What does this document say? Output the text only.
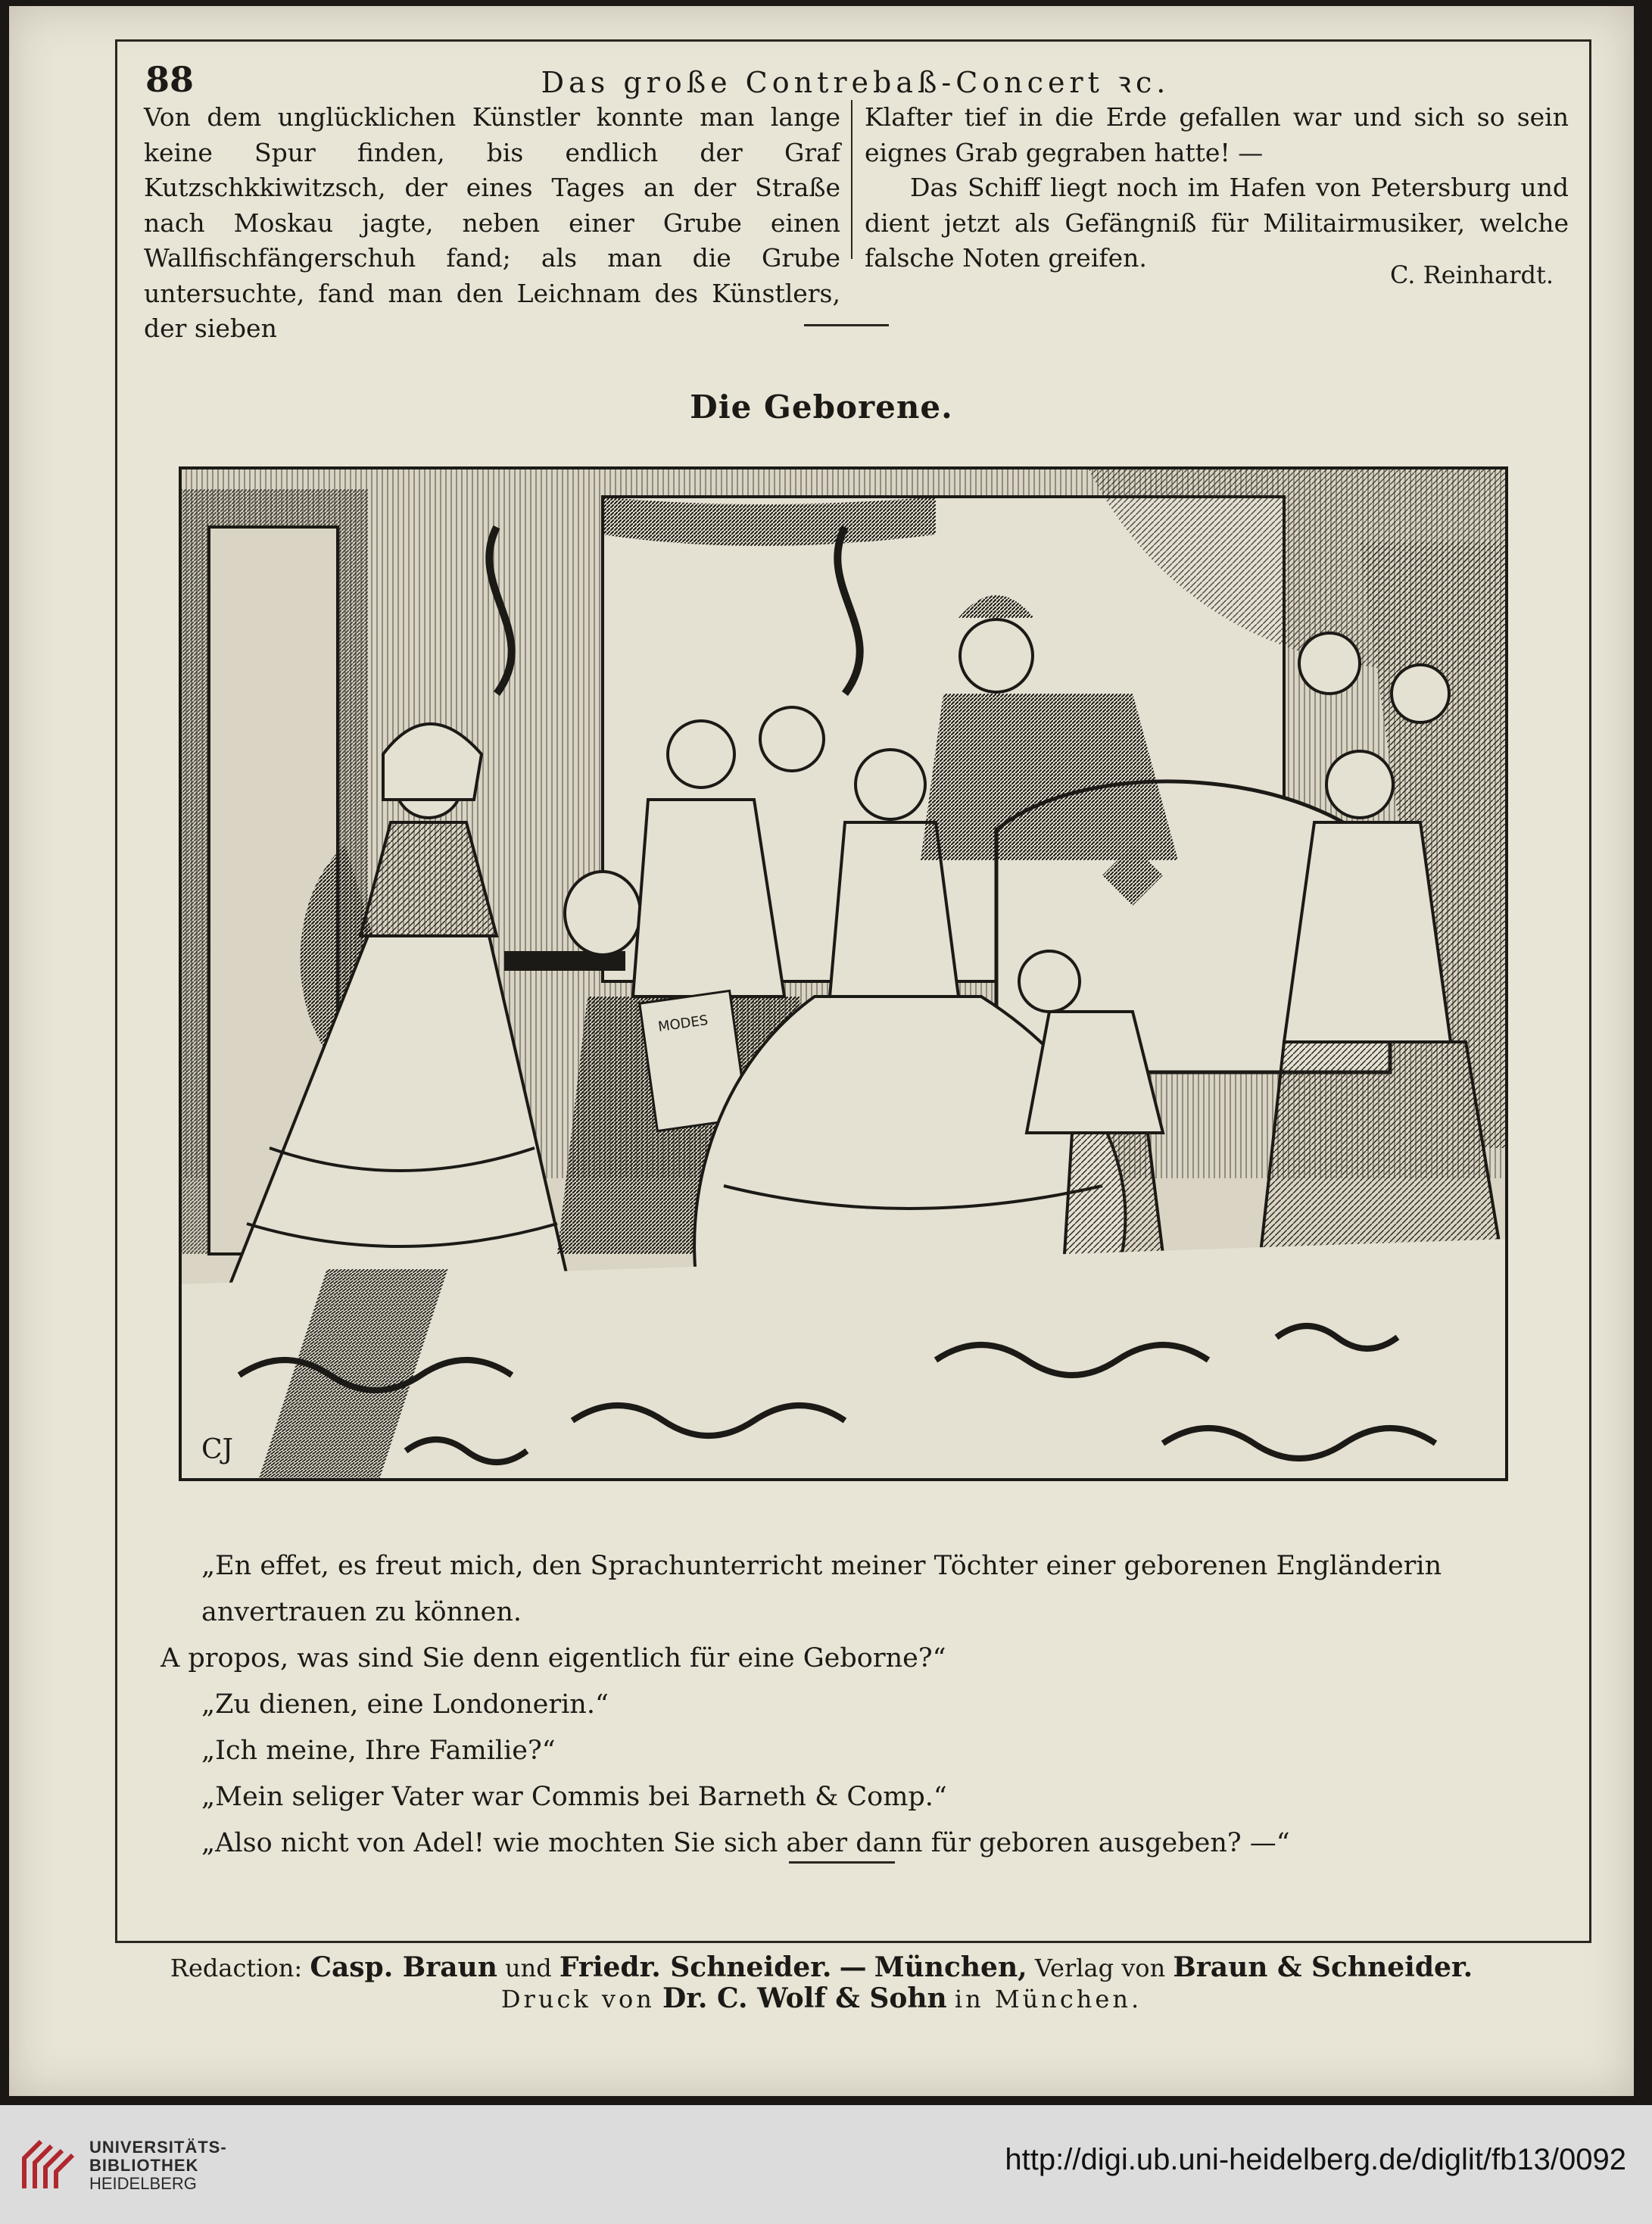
88	Das große Contrebaß-Concert ꝛc.

Von dem unglücklichen Künstler konnte man lange keine Spur finden, bis endlich der Graf Kutzschkkiwitzsch, der eines Tages an der Straße nach Moskau jagte, neben einer Grube einen Wallfischfängerschuh fand; als man die Grube untersuchte, fand man den Leichnam des Künstlers, der sieben

Klafter tief in die Erde gefallen war und sich so sein eignes Grab gegraben hatte! —

Das Schiff liegt noch im Hafen von Petersburg und dient jetzt als Gefängniß für Militairmusiker, welche falsche Noten greifen.

C. Reinhardt.
Die Geborene.
MODES
CJ

„En effet, es freut mich, den Sprachunterricht meiner Töchter einer geborenen Engländerin anvertrauen zu können.

A propos, was sind Sie denn eigentlich für eine Geborne?“

„Zu dienen, eine Londonerin.“

„Ich meine, Ihre Familie?“

„Mein seliger Vater war Commis bei Barneth & Comp.“

„Also nicht von Adel! wie mochten Sie sich aber dann für geboren ausgeben? —“

Redaction: Casp. Braun und Friedr. Schneider. — München, Verlag von Braun & Schneider.
Druck von Dr. C. Wolf & Sohn in München.
UNIVERSITÄTS-
BIBLIOTHEK
HEIDELBERG
http://digi.ub.uni-heidelberg.de/diglit/fb13/0092
